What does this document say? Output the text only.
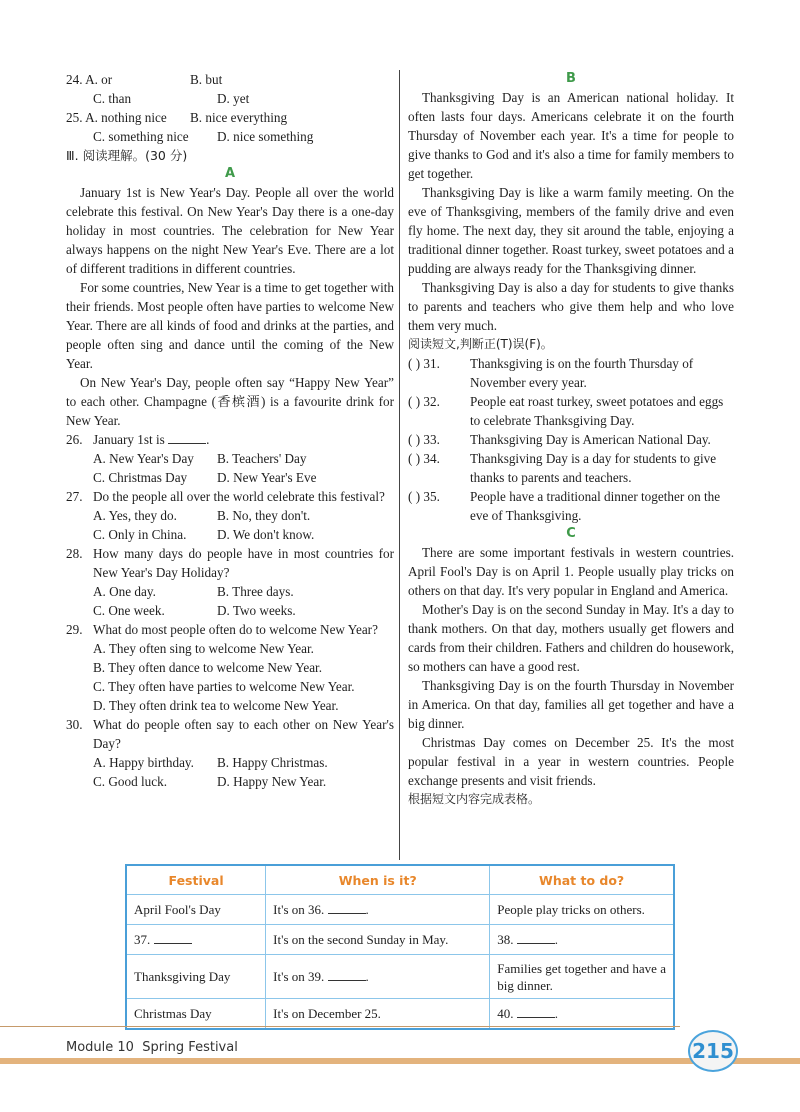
24. A. or	B. but
C. than	D. yet
25. A. nothing nice	B. nice everything
C. something nice	D. nice something
Ⅲ. 阅读理解。(30 分)
A

January 1st is New Year's Day. People all over the world celebrate this festival. On New Year's Day there is a one-day holiday in most countries. The celebration for New Year always happens on the night New Year's Eve. There are a lot of different traditions in different countries.

For some countries, New Year is a time to get together with their friends. Most people often have parties to welcome New Year. There are all kinds of food and drinks at the parties, and people often sing and dance until the coming of the New Year.

On New Year's Day, people often say “Happy New Year” to each other. Champagne (香槟酒) is a favourite drink for New Year.

26. January 1st is	.
A. New Year's Day	B. Teachers' Day
C. Christmas Day	D. New Year's Eve
27. Do the people all over the world celebrate this festival?
A. Yes, they do.	B. No, they don't.
C. Only in China.	D. We don't know.
28. How many days do people have in most countries for New Year's Day Holiday?
A. One day.	B. Three days.
C. One week.	D. Two weeks.
29. What do most people often do to welcome New Year?
A. They often sing to welcome New Year.
B. They often dance to welcome New Year.
C. They often have parties to welcome New Year.
D. They often drink tea to welcome New Year.
30. What do people often say to each other on New Year's Day?
A. Happy birthday.	B. Happy Christmas.
C. Good luck.	D. Happy New Year.
B

Thanksgiving Day is an American national holiday. It often lasts four days. Americans celebrate it on the fourth Thursday of November each year. It's a time for people to give thanks to God and it's also a time for family members to get together.

Thanksgiving Day is like a warm family meeting. On the eve of Thanksgiving, members of the family drive and even fly home. The next day, they sit around the table, enjoying a traditional dinner together. Roast turkey, sweet potatoes and a pudding are always ready for the Thanksgiving dinner.

Thanksgiving Day is also a day for students to give thanks to parents and teachers who give them help and who love them very much.

阅读短文,判断正(T)误(F)。
( ) 31.	Thanksgiving is on the fourth Thursday of November every year.
( ) 32.	People eat roast turkey, sweet potatoes and eggs to celebrate Thanksgiving Day.
( ) 33.	Thanksgiving Day is American National Day.
( ) 34.	Thanksgiving Day is a day for students to give thanks to parents and teachers.
( ) 35.	People have a traditional dinner together on the eve of Thanksgiving.
C

There are some important festivals in western countries. April Fool's Day is on April 1. People usually play tricks on others on that day. It's very popular in England and America.

Mother's Day is on the second Sunday in May. It's a day to thank mothers. On that day, mothers usually get flowers and cards from their children. Fathers and children do housework, so mothers can have a good rest.

Thanksgiving Day is on the fourth Thursday in November in America. On that day, families all get together and have a big dinner.

Christmas Day comes on December 25. It's the most popular festival in a year in western countries. People exchange presents and visit friends.

根据短文内容完成表格。
Festival	When is it?	What to do?
April Fool's Day	It's on 36. .	People play tricks on others.
37.	It's on the second Sunday in May.	38. .
Thanksgiving Day	It's on 39. .	Families get together and have a big dinner.
Christmas Day	It's on December 25.	40. .
Module 10 Spring Festival	215
